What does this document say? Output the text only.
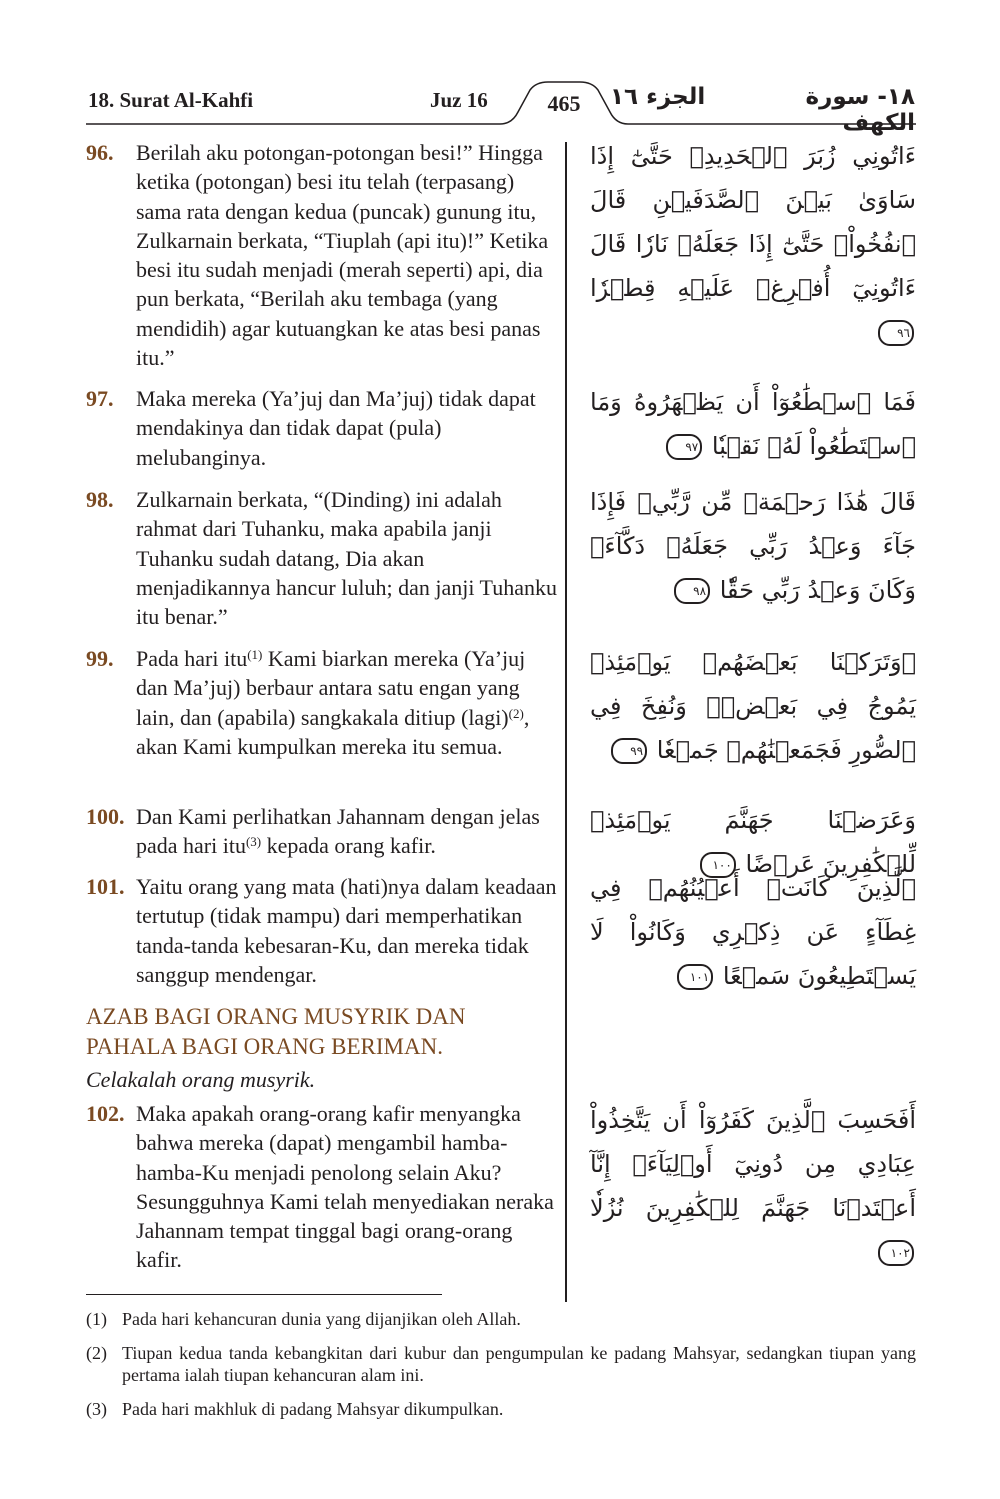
18. Surat Al-Kahfi	Juz 16	465	الجزء ١٦	١٨- سورة الكهف
96. Berilah aku potongan-potongan besi!” Hingga ketika (potongan) besi itu telah (terpasang) sama rata dengan kedua (puncak) gunung itu, Zulkarnain berkata, “Tiuplah (api itu)!” Ketika besi itu sudah menjadi (merah seperti) api, dia pun berkata, “Berilah aku tembaga (yang mendidih) agar kutuangkan ke atas besi panas itu.”
ءَاتُونِي زُبَرَ ٱلۡحَدِيدِۖ حَتَّىٰٓ إِذَا سَاوَىٰ بَيۡنَ ٱلصَّدَفَيۡنِ قَالَ ٱنفُخُواْۖ حَتَّىٰٓ إِذَا جَعَلَهُۥ نَارٗا قَالَ ءَاتُونِيٓ أُفۡرِغۡ عَلَيۡهِ قِطۡرٗا ٩٦
97. Maka mereka (Ya’juj dan Ma’juj) tidak dapat mendakinya dan tidak dapat (pula) melubanginya.
فَمَا ٱسۡطَٰعُوٓاْ أَن يَظۡهَرُوهُ وَمَا ٱسۡتَطَٰعُواْ لَهُۥ نَقۡبٗا ٩٧
98. Zulkarnain berkata, “(Dinding) ini adalah rahmat dari Tuhanku, maka apabila janji Tuhanku sudah datang, Dia akan menjadikannya hancur luluh; dan janji Tuhanku itu benar.”
قَالَ هَٰذَا رَحۡمَةٞ مِّن رَّبِّيۖ فَإِذَا جَآءَ وَعۡدُ رَبِّي جَعَلَهُۥ دَكَّآءَۖ وَكَانَ وَعۡدُ رَبِّي حَقّٗا ٩٨
99. Pada hari itu$^{(1)}$ Kami biarkan mereka (Ya’juj dan Ma’juj) berbaur antara satu engan yang lain, dan (apabila) sangkakala ditiup (lagi)$^{(2)}$, akan Kami kumpulkan mereka itu semua.
۞وَتَرَكۡنَا بَعۡضَهُمۡ يَوۡمَئِذٖ يَمُوجُ فِي بَعۡضٖۖ وَنُفِخَ فِي ٱلصُّورِ فَجَمَعۡنَٰهُمۡ جَمۡعٗا ٩٩
100. Dan Kami perlihatkan Jahannam dengan jelas pada hari itu$^{(3)}$ kepada orang kafir.
وَعَرَضۡنَا جَهَنَّمَ يَوۡمَئِذٖ لِّلۡكَٰفِرِينَ عَرۡضًا ١٠٠
101. Yaitu orang yang mata (hati)nya dalam keadaan tertutup (tidak mampu) dari memperhatikan tanda-tanda kebesaran-Ku, dan mereka tidak sanggup mendengar.
ٱلَّذِينَ كَانَتۡ أَعۡيُنُهُمۡ فِي غِطَآءٍ عَن ذِكۡرِي وَكَانُواْ لَا يَسۡتَطِيعُونَ سَمۡعًا ١٠١
AZAB BAGI ORANG MUSYRIK DAN PAHALA BAGI ORANG BERIMAN.
Celakalah orang musyrik.
102. Maka apakah orang-orang kafir menyangka bahwa mereka (dapat) mengambil hamba-hamba-Ku menjadi penolong selain Aku? Sesungguhnya Kami telah menyediakan neraka Jahannam tempat tinggal bagi orang-orang kafir.
أَفَحَسِبَ ٱلَّذِينَ كَفَرُوٓاْ أَن يَتَّخِذُواْ عِبَادِي مِن دُونِيٓ أَوۡلِيَآءَۚ إِنَّآ أَعۡتَدۡنَا جَهَنَّمَ لِلۡكَٰفِرِينَ نُزُلٗا ١٠٢
(1) Pada hari kehancuran dunia yang dijanjikan oleh Allah.
(2) Tiupan kedua tanda kebangkitan dari kubur dan pengumpulan ke padang Mahsyar, sedangkan tiupan yang pertama ialah tiupan kehancuran alam ini.
(3) Pada hari makhluk di padang Mahsyar dikumpulkan.
